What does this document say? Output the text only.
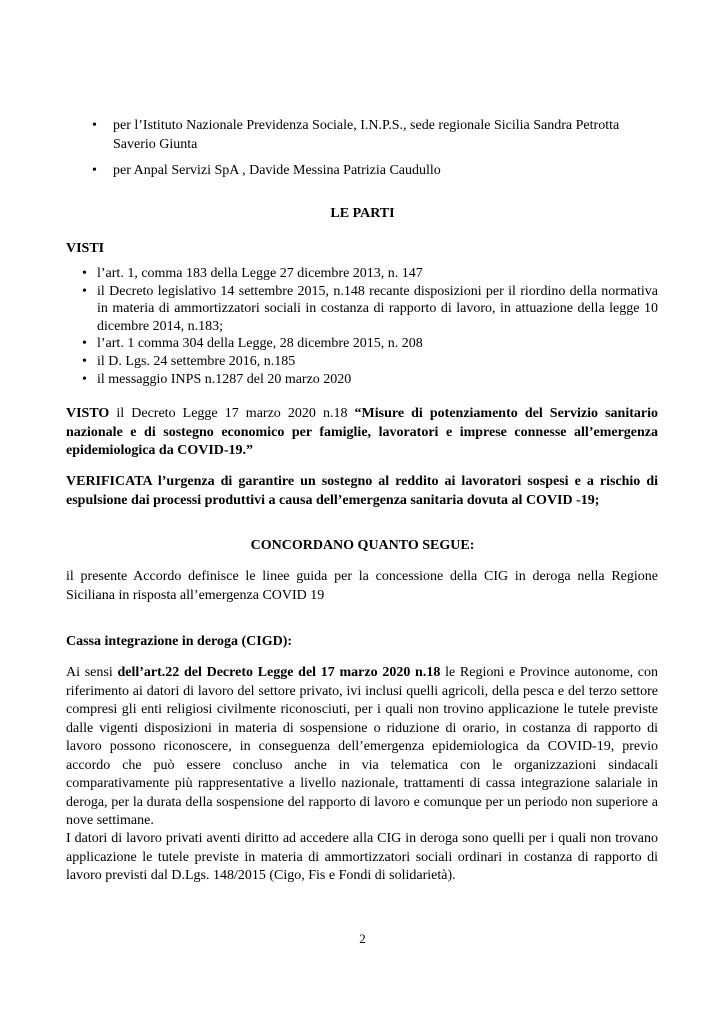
• per l’Istituto Nazionale Previdenza Sociale, I.N.P.S., sede regionale Sicilia Sandra Petrotta
Saverio Giunta
• per Anpal Servizi SpA , Davide Messina Patrizia Caudullo
LE PARTI
VISTI
• l’art. 1, comma 183 della Legge 27 dicembre 2013, n. 147
• il Decreto legislativo 14 settembre 2015, n.148 recante disposizioni per il riordino della normativa in materia di ammortizzatori sociali in costanza di rapporto di lavoro, in attuazione della legge 10 dicembre 2014, n.183;
• l’art. 1 comma 304 della Legge, 28 dicembre 2015, n. 208
• il D. Lgs. 24 settembre 2016, n.185
• il messaggio INPS n.1287 del 20 marzo 2020
VISTO il Decreto Legge 17 marzo 2020 n.18 “Misure di potenziamento del Servizio sanitario nazionale e di sostegno economico per famiglie, lavoratori e imprese connesse all’emergenza epidemiologica da COVID-19.”
VERIFICATA l’urgenza di garantire un sostegno al reddito ai lavoratori sospesi e a rischio di espulsione dai processi produttivi a causa dell’emergenza sanitaria dovuta al COVID -19;
CONCORDANO QUANTO SEGUE:
il presente Accordo definisce le linee guida per la concessione della CIG in deroga nella Regione Siciliana in risposta all’emergenza COVID 19
Cassa integrazione in deroga (CIGD):
Ai sensi dell’art.22 del Decreto Legge del 17 marzo 2020 n.18 le Regioni e Province autonome, con riferimento ai datori di lavoro del settore privato, ivi inclusi quelli agricoli, della pesca e del terzo settore compresi gli enti religiosi civilmente riconosciuti, per i quali non trovino applicazione le tutele previste dalle vigenti disposizioni in materia di sospensione o riduzione di orario, in costanza di rapporto di lavoro possono riconoscere, in conseguenza dell’emergenza epidemiologica da COVID-19, previo accordo che può essere concluso anche in via telematica con le organizzazioni sindacali comparativamente più rappresentative a livello nazionale, trattamenti di cassa integrazione salariale in deroga, per la durata della sospensione del rapporto di lavoro e comunque per un periodo non superiore a nove settimane.
I datori di lavoro privati aventi diritto ad accedere alla CIG in deroga sono quelli per i quali non trovano applicazione le tutele previste in materia di ammortizzatori sociali ordinari in costanza di rapporto di lavoro previsti dal D.Lgs. 148/2015 (Cigo, Fis e Fondi di solidarietà).
2
